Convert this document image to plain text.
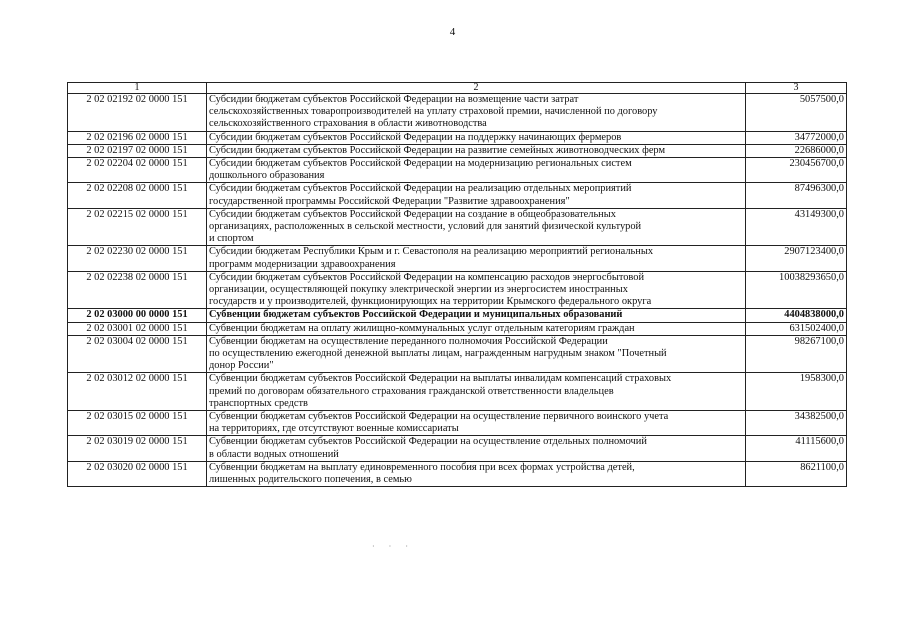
4
1	2	3
2 02 02192 02 0000 151	Субсидии бюджетам субъектов Российской Федерации на возмещение части затрат
сельскохозяйственных товаропроизводителей на уплату страховой премии, начисленной по договору
сельскохозяйственного страхования в области животноводства	5057500,0
2 02 02196 02 0000 151	Субсидии бюджетам субъектов Российской Федерации на поддержку начинающих фермеров	34772000,0
2 02 02197 02 0000 151	Субсидии бюджетам субъектов Российской Федерации на развитие семейных животноводческих ферм	22686000,0
2 02 02204 02 0000 151	Субсидии бюджетам субъектов Российской Федерации на модернизацию региональных систем
дошкольного образования	230456700,0
2 02 02208 02 0000 151	Субсидии бюджетам субъектов Российской Федерации на реализацию отдельных мероприятий
государственной программы Российской Федерации "Развитие здравоохранения"	87496300,0
2 02 02215 02 0000 151	Субсидии бюджетам субъектов Российской Федерации на создание в общеобразовательных
организациях, расположенных в сельской местности, условий для занятий физической культурой
и спортом	43149300,0
2 02 02230 02 0000 151	Субсидии бюджетам Республики Крым и г. Севастополя на реализацию мероприятий региональных
программ модернизации здравоохранения	2907123400,0
2 02 02238 02 0000 151	Субсидии бюджетам субъектов Российской Федерации на компенсацию расходов энергосбытовой
организации, осуществляющей покупку электрической энергии из энергосистем иностранных
государств и у производителей, функционирующих на территории Крымского федерального округа	10038293650,0
2 02 03000 00 0000 151	Субвенции бюджетам субъектов Российской Федерации и муниципальных образований	4404838000,0
2 02 03001 02 0000 151	Субвенции бюджетам на оплату жилищно-коммунальных услуг отдельным категориям граждан	631502400,0
2 02 03004 02 0000 151	Субвенции бюджетам на осуществление переданного полномочия Российской Федерации
по осуществлению ежегодной денежной выплаты лицам, награжденным нагрудным знаком "Почетный
донор России"	98267100,0
2 02 03012 02 0000 151	Субвенции бюджетам субъектов Российской Федерации на выплаты инвалидам компенсаций страховых
премий по договорам обязательного страхования гражданской ответственности владельцев
транспортных средств	1958300,0
2 02 03015 02 0000 151	Субвенции бюджетам субъектов Российской Федерации на осуществление первичного воинского учета
на территориях, где отсутствуют военные комиссариаты	34382500,0
2 02 03019 02 0000 151	Субвенции бюджетам субъектов Российской Федерации на осуществление отдельных полномочий
в области водных отношений	41115600,0
2 02 03020 02 0000 151	Субвенции бюджетам на выплату единовременного пособия при всех формах устройства детей,
лишенных родительского попечения, в семью	8621100,0
· · ·
